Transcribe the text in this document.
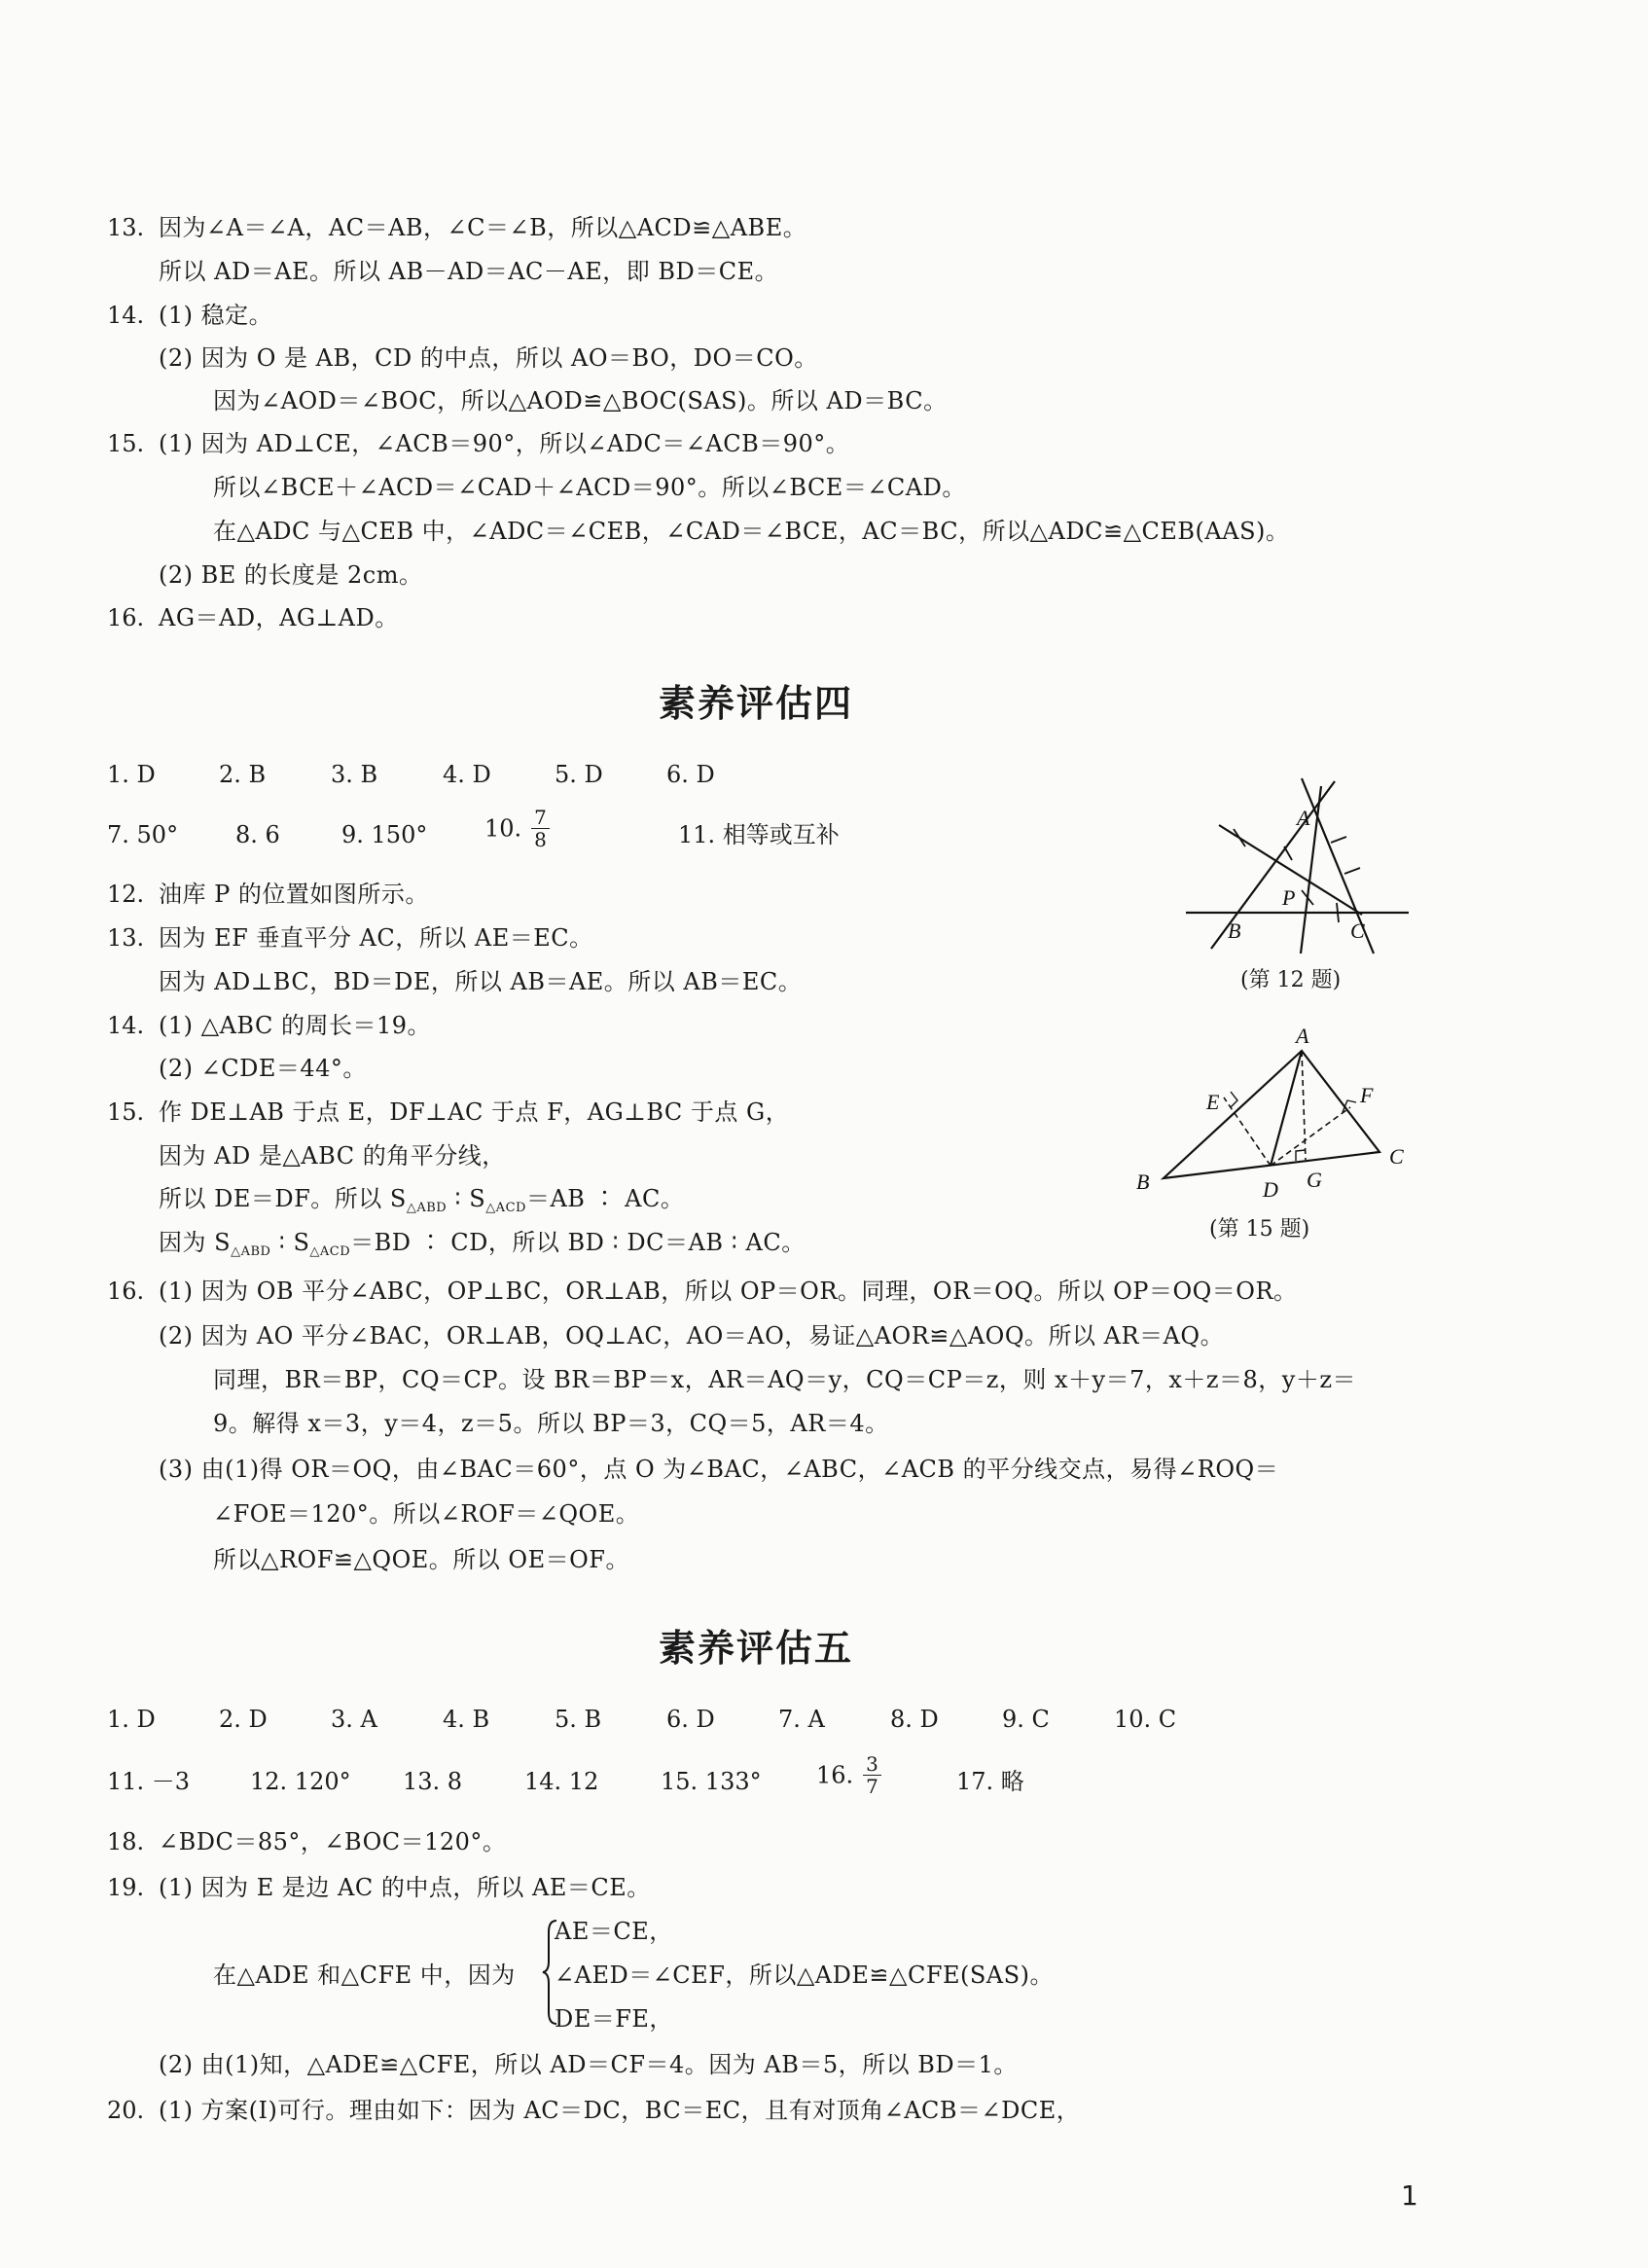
13. 因为∠A＝∠A，AC＝AB，∠C＝∠B，所以△ACD≌△ABE。
所以 AD＝AE。所以 AB－AD＝AC－AE，即 BD＝CE。
14. (1) 稳定。
(2) 因为 O 是 AB，CD 的中点，所以 AO＝BO，DO＝CO。
因为∠AOD＝∠BOC，所以△AOD≌△BOC(SAS)。所以 AD＝BC。
15. (1) 因为 AD⊥CE，∠ACB＝90°，所以∠ADC＝∠ACB＝90°。
所以∠BCE＋∠ACD＝∠CAD＋∠ACD＝90°。所以∠BCE＝∠CAD。
在△ADC 与△CEB 中，∠ADC＝∠CEB，∠CAD＝∠BCE，AC＝BC，所以△ADC≌△CEB(AAS)。
(2) BE 的长度是 2cm。
16. AG＝AD，AG⊥AD。
素养评估四
1. D	2. B	3. B	4. D	5. D	6. D
7. 50° 8. 6	9. 150° 10. $\frac{7}{8}$	11. 相等或互补
12. 油库 P 的位置如图所示。
13. 因为 EF 垂直平分 AC，所以 AE＝EC。
因为 AD⊥BC，BD＝DE，所以 AB＝AE。所以 AB＝EC。
14. (1) △ABC 的周长＝19。
(2) ∠CDE＝44°。
15. 作 DE⊥AB 于点 E，DF⊥AC 于点 F，AG⊥BC 于点 G，
因为 AD 是△ABC 的角平分线，
所以 DE＝DF。所以 $S_{\triangle ABD}$ ∶ $S_{\triangle ACD}=AB$ ∶ AC。
因为 $S_{\triangle ABD}$ ∶ $S_{\triangle ACD}=BD$ ∶ CD，所以 BD ∶ DC＝AB ∶ AC。
16. (1) 因为 OB 平分∠ABC，OP⊥BC，OR⊥AB，所以 OP＝OR。同理，OR＝OQ。所以 OP＝OQ＝OR。
(2) 因为 AO 平分∠BAC，OR⊥AB，OQ⊥AC，AO＝AO，易证△AOR≌△AOQ。所以 AR＝AQ。
同理，BR＝BP，CQ＝CP。设 BR＝BP＝x，AR＝AQ＝y，CQ＝CP＝z，则 x＋y＝7，x＋z＝8，y＋z＝
9。解得 x＝3，y＝4，z＝5。所以 BP＝3，CQ＝5，AR＝4。
(3) 由(1)得 OR＝OQ，由∠BAC＝60°，点 O 为∠BAC，∠ABC，∠ACB 的平分线交点，易得∠ROQ＝
∠FOE＝120°。所以∠ROF＝∠QOE。
所以△ROF≌△QOE。所以 OE＝OF。
A
B	C
P
(第 12 题)
A
B
C
D
E	F
G
(第 15 题)
素养评估五
1. D	2. D	3. A	4. B	5. B	6. D	7. A	8. D	9. C	10. C
11. －3	12. 120° 13. 8	14. 12	15. 133° 16. $\frac{3}{7}$	17. 略
18. ∠BDC＝85°，∠BOC＝120°。
19. (1) 因为 E 是边 AC 的中点，所以 AE＝CE。
AE＝CE，
在△ADE 和△CFE 中，因为 ∠AED＝∠CEF，所以△ADE≌△CFE(SAS)。
DE＝FE，
(2) 由(1)知，△ADE≌△CFE，所以 AD＝CF＝4。因为 AB＝5，所以 BD＝1。
20. (1) 方案(Ⅰ)可行。理由如下：因为 AC＝DC，BC＝EC，且有对顶角∠ACB＝∠DCE，
1
